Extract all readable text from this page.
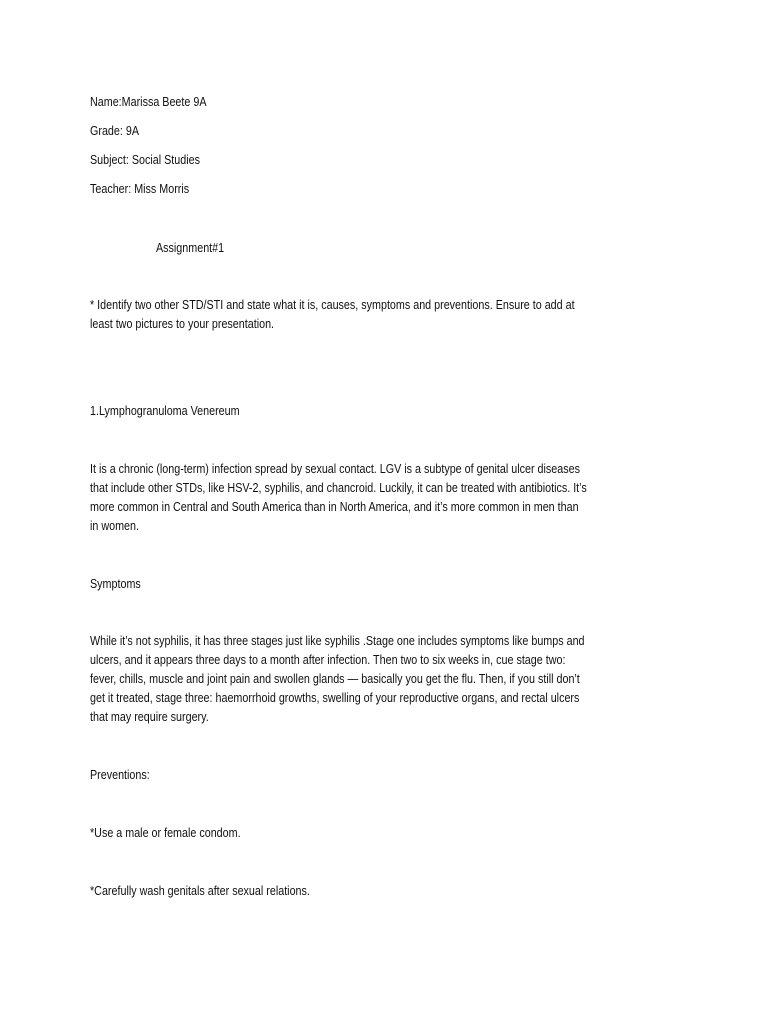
Name:Marissa Beete 9A

Grade: 9A

Subject: Social Studies

Teacher: Miss Morris

Assignment#1

* Identify two other STD/STI and state what it is, causes, symptoms and preventions. Ensure to add at
least two pictures to your presentation.

1.Lymphogranuloma Venereum

It is a chronic (long-term) infection spread by sexual contact. LGV is a subtype of genital ulcer diseases
that include other STDs, like HSV-2, syphilis, and chancroid. Luckily, it can be treated with antibiotics. It’s
more common in Central and South America than in North America, and it’s more common in men than
in women.

Symptoms

While it’s not syphilis, it has three stages just like syphilis .Stage one includes symptoms like bumps and
ulcers, and it appears three days to a month after infection. Then two to six weeks in, cue stage two:
fever, chills, muscle and joint pain and swollen glands — basically you get the flu. Then, if you still don’t
get it treated, stage three: haemorrhoid growths, swelling of your reproductive organs, and rectal ulcers
that may require surgery.

Preventions:

*Use a male or female condom.

*Carefully wash genitals after sexual relations.
